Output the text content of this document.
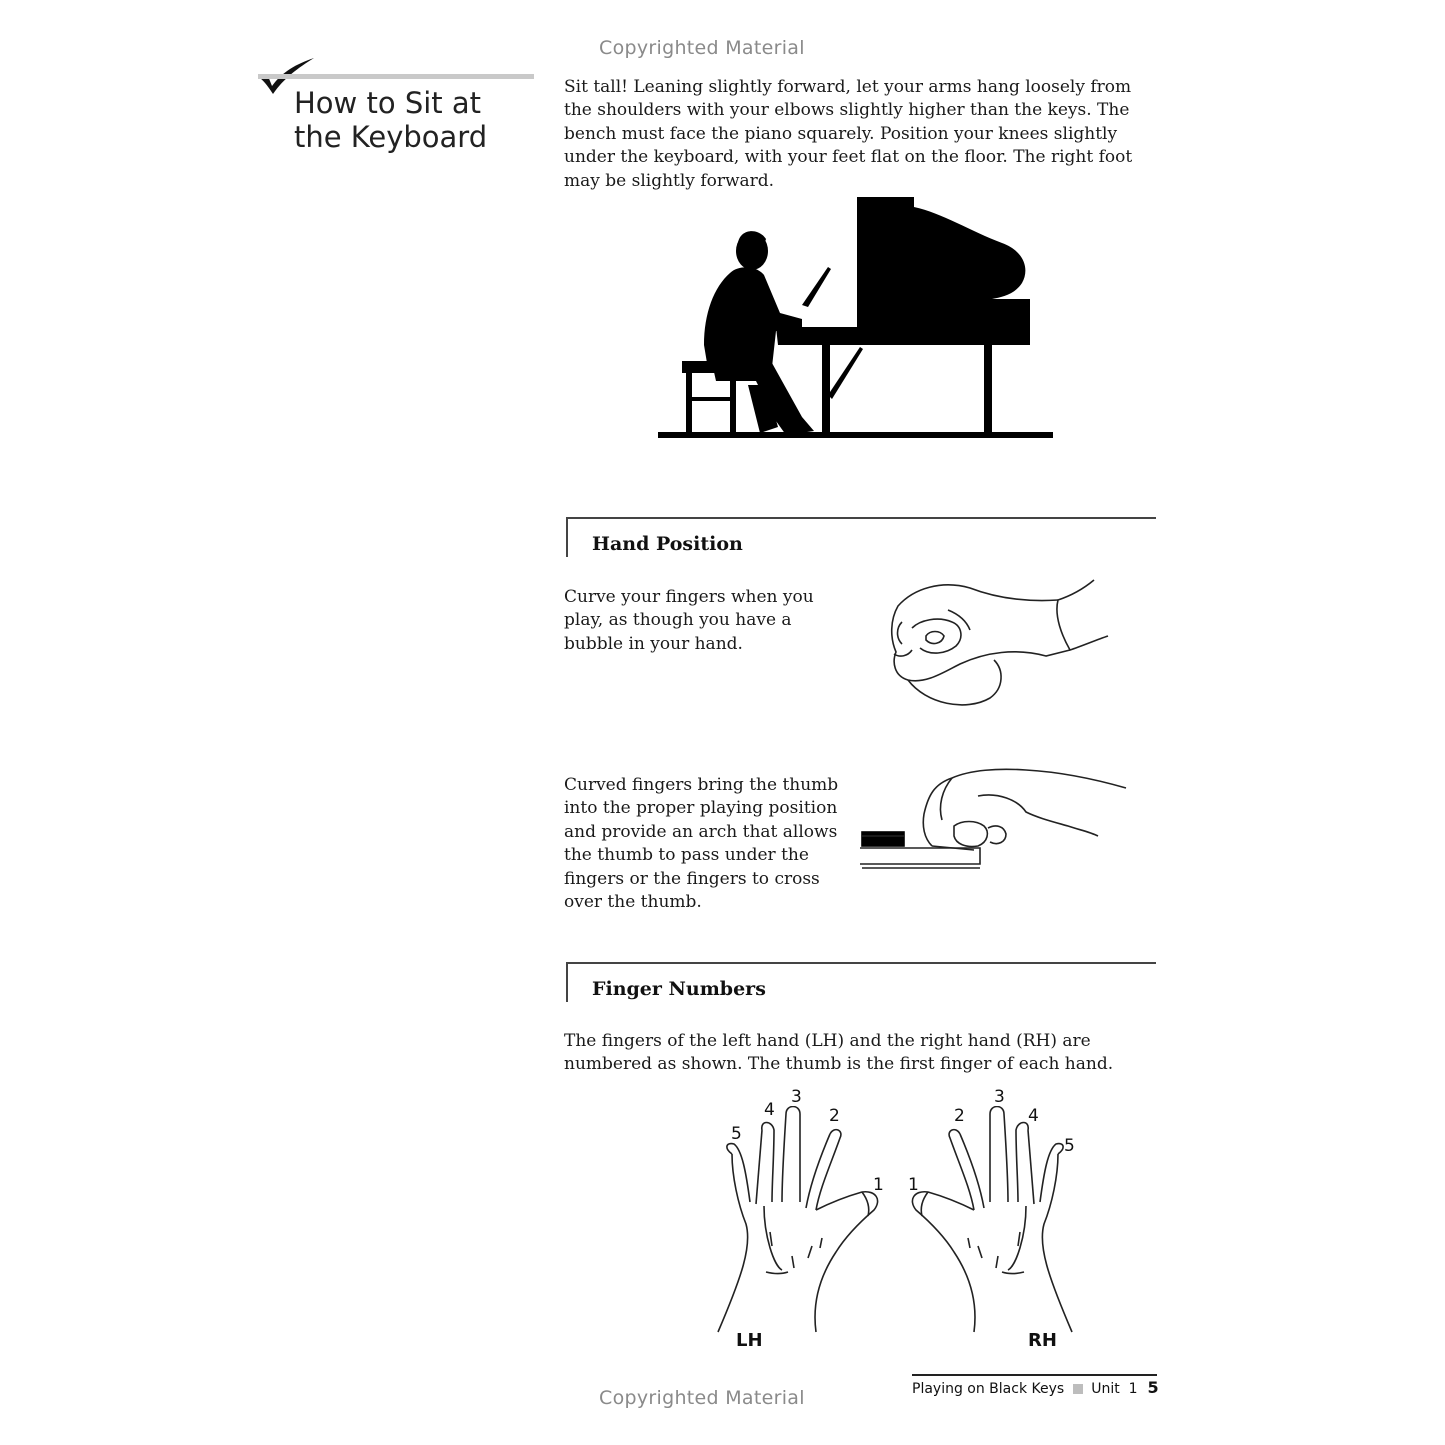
Copyrighted Material
How to Sit at
the Keyboard
Sit tall! Leaning slightly forward, let your arms hang loosely from the shoulders with your elbows slightly higher than the keys. The bench must face the piano squarely. Position your knees slightly under the keyboard, with your feet flat on the floor. The right foot may be slightly forward.
Hand Position
Curve your fingers when you play, as though you have a bubble in your hand.
Curved fingers bring the thumb into the proper playing position and provide an arch that allows the thumb to pass under the fingers or the fingers to cross over the thumb.
Finger Numbers
The fingers of the left hand (LH) and the right hand (RH) are numbered as shown. The thumb is the first finger of each hand.
5
4
3
2
1 1
2
3
4
5
LH	RH
Playing on Black Keys Unit 1 5
Copyrighted Material
